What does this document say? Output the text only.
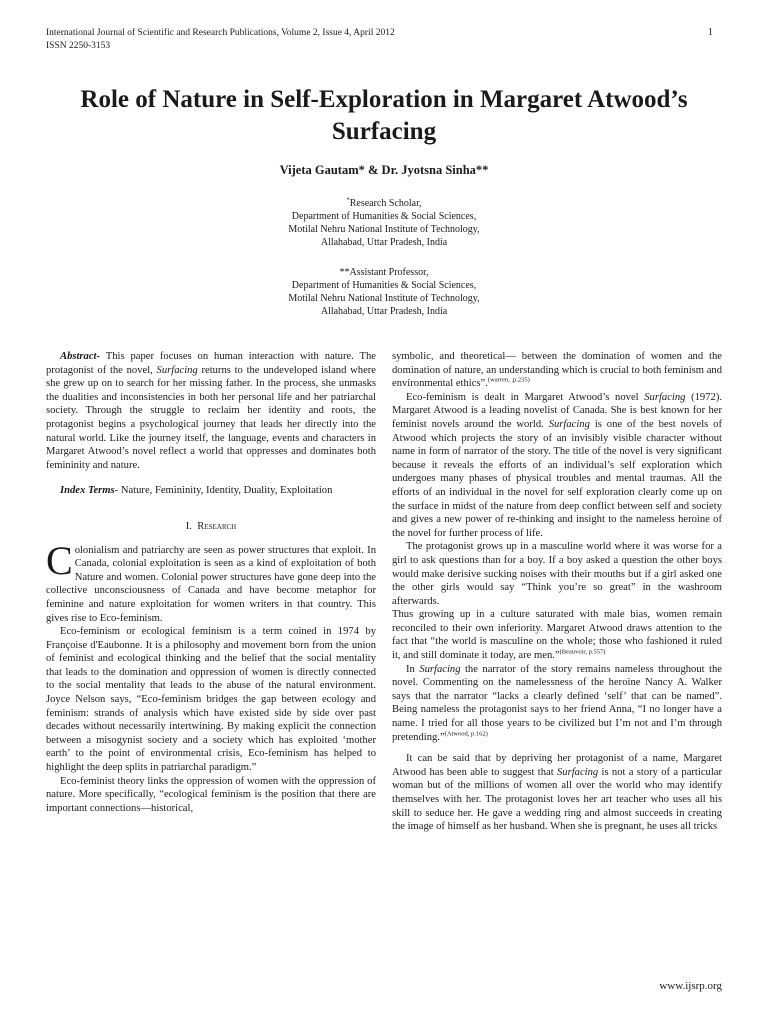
International Journal of Scientific and Research Publications, Volume 2, Issue 4, April 2012
ISSN 2250-3153
1
Role of Nature in Self-Exploration in Margaret Atwood’s Surfacing
Vijeta Gautam* & Dr. Jyotsna Sinha**
*Research Scholar,
Department of Humanities & Social Sciences,
Motilal Nehru National Institute of Technology,
Allahabad, Uttar Pradesh, India
**Assistant Professor,
Department of Humanities & Social Sciences,
Motilal Nehru National Institute of Technology,
Allahabad, Uttar Pradesh, India

Abstract- This paper focuses on human interaction with nature. The protagonist of the novel, Surfacing returns to the undeveloped island where she grew up on to search for her missing father. In the process, she unmasks the dualities and inconsistencies in both her personal life and her patriarchal society. Through the struggle to reclaim her identity and roots, the protagonist begins a psychological journey that leads her directly into the natural world. Like the journey itself, the language, events and characters in Margaret Atwood’s novel reflect a world that oppresses and dominates both femininity and nature.

Index Terms- Nature, Femininity, Identity, Duality, Exploitation

I. Research

Colonialism and patriarchy are seen as power structures that exploit. In Canada, colonial exploitation is seen as a kind of exploitation of both Nature and women. Colonial power structures have gone deep into the collective unconsciousness of Canada and have become metaphor for feminine and nature exploitation for women writers in that country. This gives rise to Eco-feminism.

Eco-feminism or ecological feminism is a term coined in 1974 by Françoise d'Eaubonne. It is a philosophy and movement born from the union of feminist and ecological thinking and the belief that the social mentality that leads to the domination and oppression of women is directly connected to the social mentality that leads to the abuse of the natural environment. Joyce Nelson says, “Eco-feminism bridges the gap between ecology and feminism: strands of analysis which have existed side by side over past decades without necessarily intertwining. By making explicit the connection between a misogynist society and a society which has exploited ‘mother earth’ to the point of environmental crisis, Eco-feminism has helped to highlight the deep splits in patriarchal paradigm.”

Eco-feminist theory links the oppression of women with the oppression of nature. More specifically, “ecological feminism is the position that there are important connections—historical,

symbolic, and theoretical— between the domination of women and the domination of nature, an understanding which is crucial to both feminism and environmental ethics”.$^{(warren, .p.235)}$

Eco-feminism is dealt in Margaret Atwood’s novel Surfacing (1972). Margaret Atwood is a leading novelist of Canada. She is best known for her feminist novels around the world. Surfacing is one of the best novels of Atwood which projects the story of an invisibly visible character without name in form of narrator of the story. The title of the novel is very significant because it reveals the efforts of an individual’s self exploration which undergoes many phases of physical troubles and mental traumas. All the efforts of an individual in the novel for self exploration clearly come up on the surface in midst of the nature from deep conflict between self and society and gives a new power of re-thinking and insight to the nameless heroine of the novel for further process of life.

The protagonist grows up in a masculine world where it was worse for a girl to ask questions than for a boy. If a boy asked a question the other boys would make derisive sucking noises with their mouths but if a girl asked one the other girls would say “Think you’re so great” in the washroom afterwards.

Thus growing up in a culture saturated with male bias, women remain reconciled to their own inferiority. Margaret Atwood draws attention to the fact that “the world is masculine on the whole; those who fashioned it ruled it, and still dominate it today, are men.”$^{(Beauvoir, p.557)}$

In Surfacing the narrator of the story remains nameless throughout the novel. Commenting on the namelessness of the heroine Nancy A. Walker says that the narrator “lacks a clearly defined ‘self’ that can be named”. Being nameless the protagonist says to her friend Anna, “I no longer have a name. I tried for all those years to be civilized but I’m not and I’m through pretending.”$^{(Atwood, p.162)}$

It can be said that by depriving her protagonist of a name, Margaret Atwood has been able to suggest that Surfacing is not a story of a particular woman but of the millions of women all over the world who may identify themselves with her. The protagonist loves her art teacher who uses all his skill to seduce her. He gave a wedding ring and almost succeeds in creating the image of himself as her husband. When she is pregnant, he uses all tricks

www.ijsrp.org
